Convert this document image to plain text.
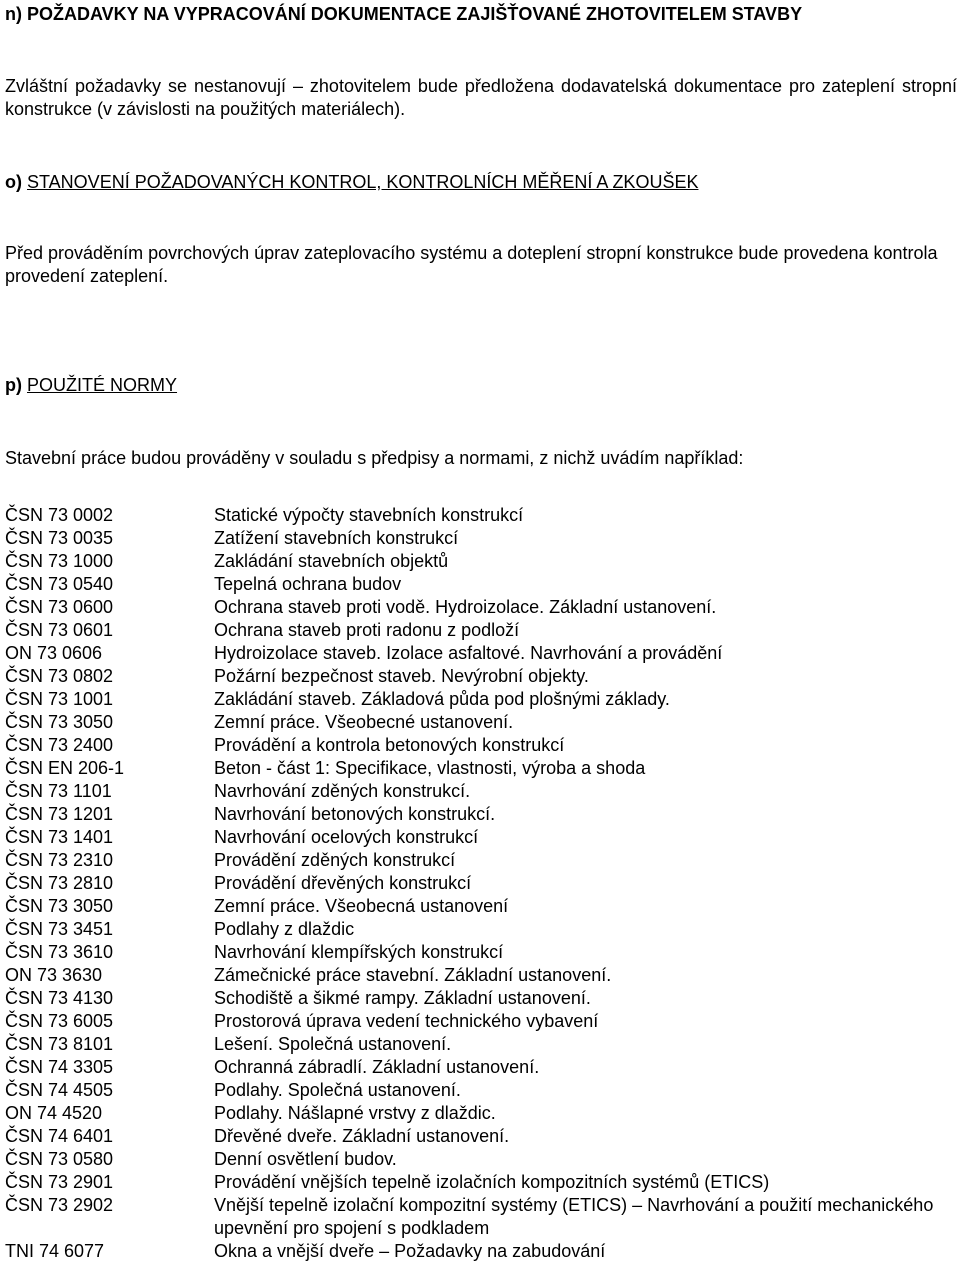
n) POŽADAVKY NA VYPRACOVÁNÍ DOKUMENTACE ZAJIŠŤOVANÉ ZHOTOVITELEM STAVBY
Zvláštní požadavky se nestanovují – zhotovitelem bude předložena dodavatelská dokumentace pro zateplení stropní konstrukce (v závislosti na použitých materiálech).
o) STANOVENÍ POŽADOVANÝCH KONTROL, KONTROLNÍCH MĚŘENÍ A ZKOUŠEK
Před prováděním povrchových úprav zateplovacího systému a doteplení stropní konstrukce bude provedena kontrola provedení zateplení.
p) POUŽITÉ NORMY
Stavební práce budou prováděny v souladu s předpisy a normami, z nichž uvádím například:
ČSN 73 0002	Statické výpočty stavebních konstrukcí
ČSN 73 0035	Zatížení stavebních konstrukcí
ČSN 73 1000	Zakládání stavebních objektů
ČSN 73 0540	Tepelná ochrana budov
ČSN 73 0600	Ochrana staveb proti vodě. Hydroizolace. Základní ustanovení.
ČSN 73 0601	Ochrana staveb proti radonu z podloží
ON 73 0606	Hydroizolace staveb. Izolace asfaltové. Navrhování a provádění
ČSN 73 0802	Požární bezpečnost staveb. Nevýrobní objekty.
ČSN 73 1001	Zakládání staveb. Základová půda pod plošnými základy.
ČSN 73 3050	Zemní práce. Všeobecné ustanovení.
ČSN 73 2400	Provádění a kontrola betonových konstrukcí
ČSN EN 206-1	Beton - část 1: Specifikace, vlastnosti, výroba a shoda
ČSN 73 1101	Navrhování zděných konstrukcí.
ČSN 73 1201	Navrhování betonových konstrukcí.
ČSN 73 1401	Navrhování ocelových konstrukcí
ČSN 73 2310	Provádění zděných konstrukcí
ČSN 73 2810	Provádění dřevěných konstrukcí
ČSN 73 3050	Zemní práce. Všeobecná ustanovení
ČSN 73 3451	Podlahy z dlaždic
ČSN 73 3610	Navrhování klempířských konstrukcí
ON 73 3630	Zámečnické práce stavební. Základní ustanovení.
ČSN 73 4130	Schodiště a šikmé rampy. Základní ustanovení.
ČSN 73 6005	Prostorová úprava vedení technického vybavení
ČSN 73 8101	Lešení. Společná ustanovení.
ČSN 74 3305	Ochranná zábradlí. Základní ustanovení.
ČSN 74 4505	Podlahy. Společná ustanovení.
ON 74 4520	Podlahy. Nášlapné vrstvy z dlaždic.
ČSN 74 6401	Dřevěné dveře. Základní ustanovení.
ČSN 73 0580	Denní osvětlení budov.
ČSN 73 2901	Provádění vnějších tepelně izolačních kompozitních systémů (ETICS)
ČSN 73 2902	Vnější tepelně izolační kompozitní systémy (ETICS) – Navrhování a použití mechanického upevnění pro spojení s podkladem
TNI 74 6077	Okna a vnější dveře – Požadavky na zabudování
